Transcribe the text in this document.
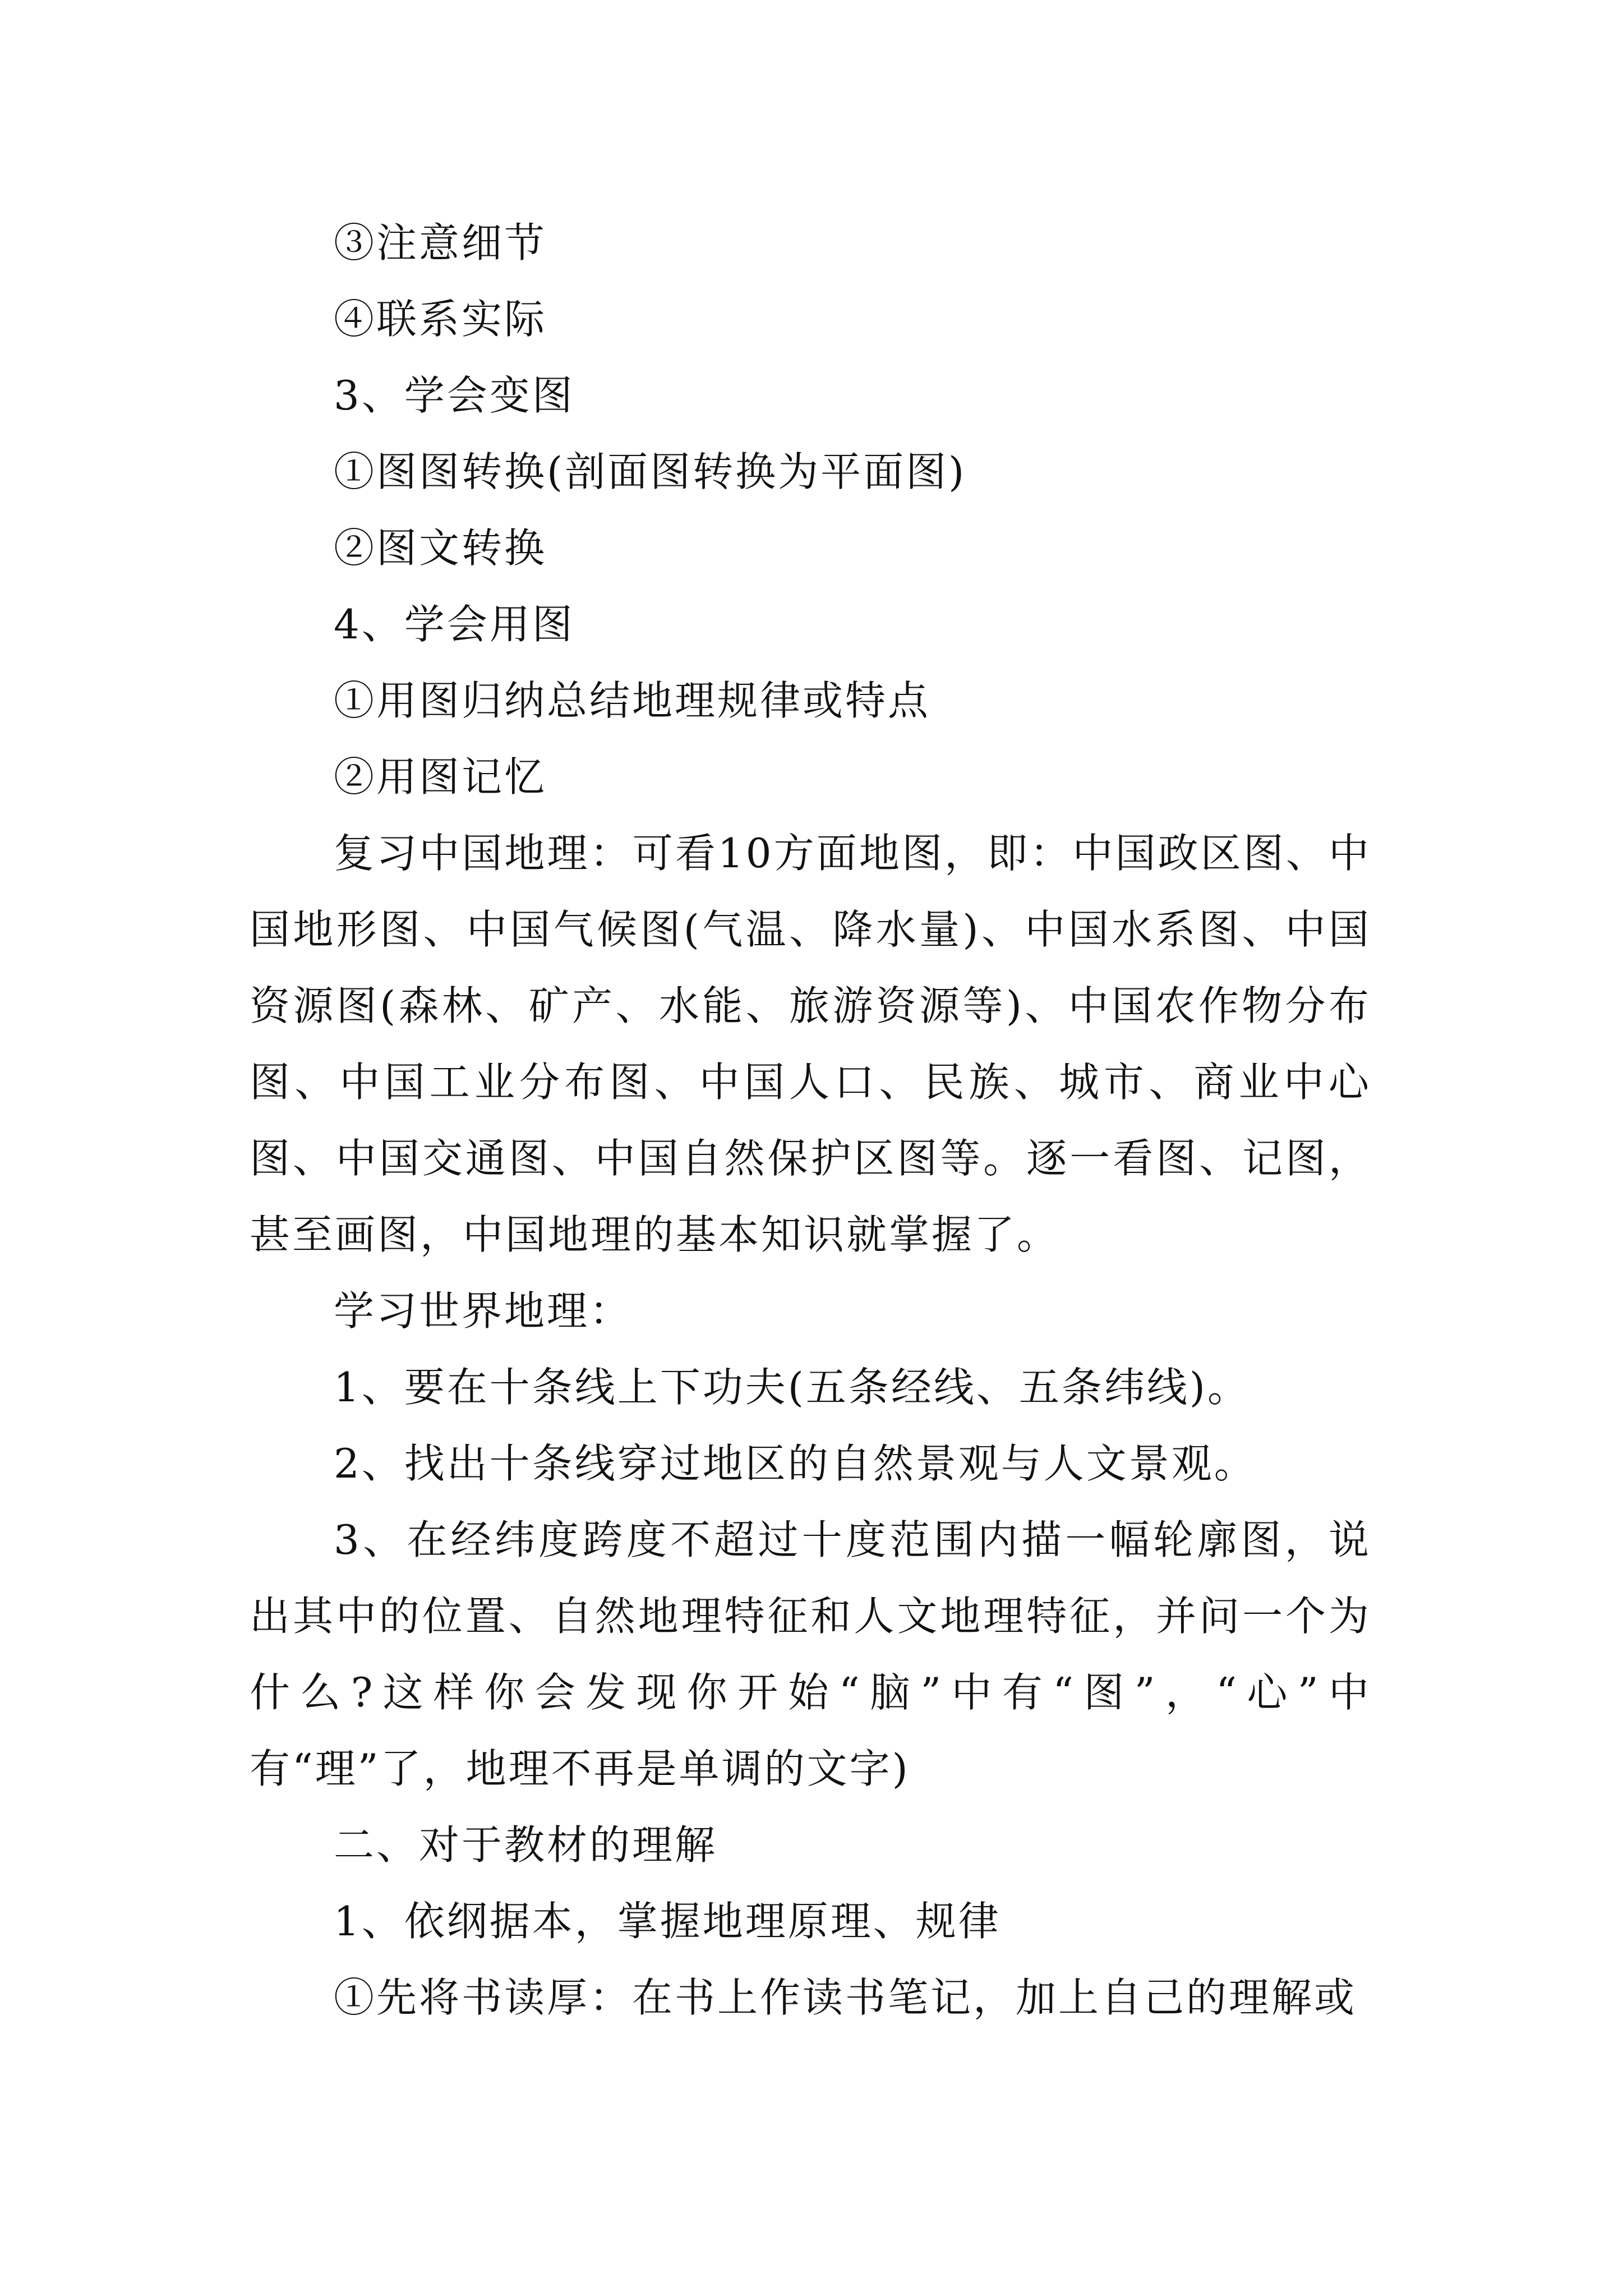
③注意细节

④联系实际

3、学会变图

①图图转换(剖面图转换为平面图)

②图文转换

4、学会用图

①用图归纳总结地理规律或特点

②用图记忆

复习中国地理：可看10方面地图，即：中国政区图、中国地形图、中国气候图(气温、降水量)、中国水系图、中国资源图(森林、矿产、水能、旅游资源等)、中国农作物分布图、中国工业分布图、中国人口、民族、城市、商业中心图、中国交通图、中国自然保护区图等。逐一看图、记图，甚至画图，中国地理的基本知识就掌握了。

学习世界地理：

1、要在十条线上下功夫(五条经线、五条纬线)。

2、找出十条线穿过地区的自然景观与人文景观。

3、在经纬度跨度不超过十度范围内描一幅轮廓图，说出其中的位置、自然地理特征和人文地理特征，并问一个为什么?这样你会发现你开始“脑”中有“图”，“心”中有“理”了，地理不再是单调的文字)

二、对于教材的理解

1、依纲据本，掌握地理原理、规律

①先将书读厚：在书上作读书笔记，加上自己的理解或
